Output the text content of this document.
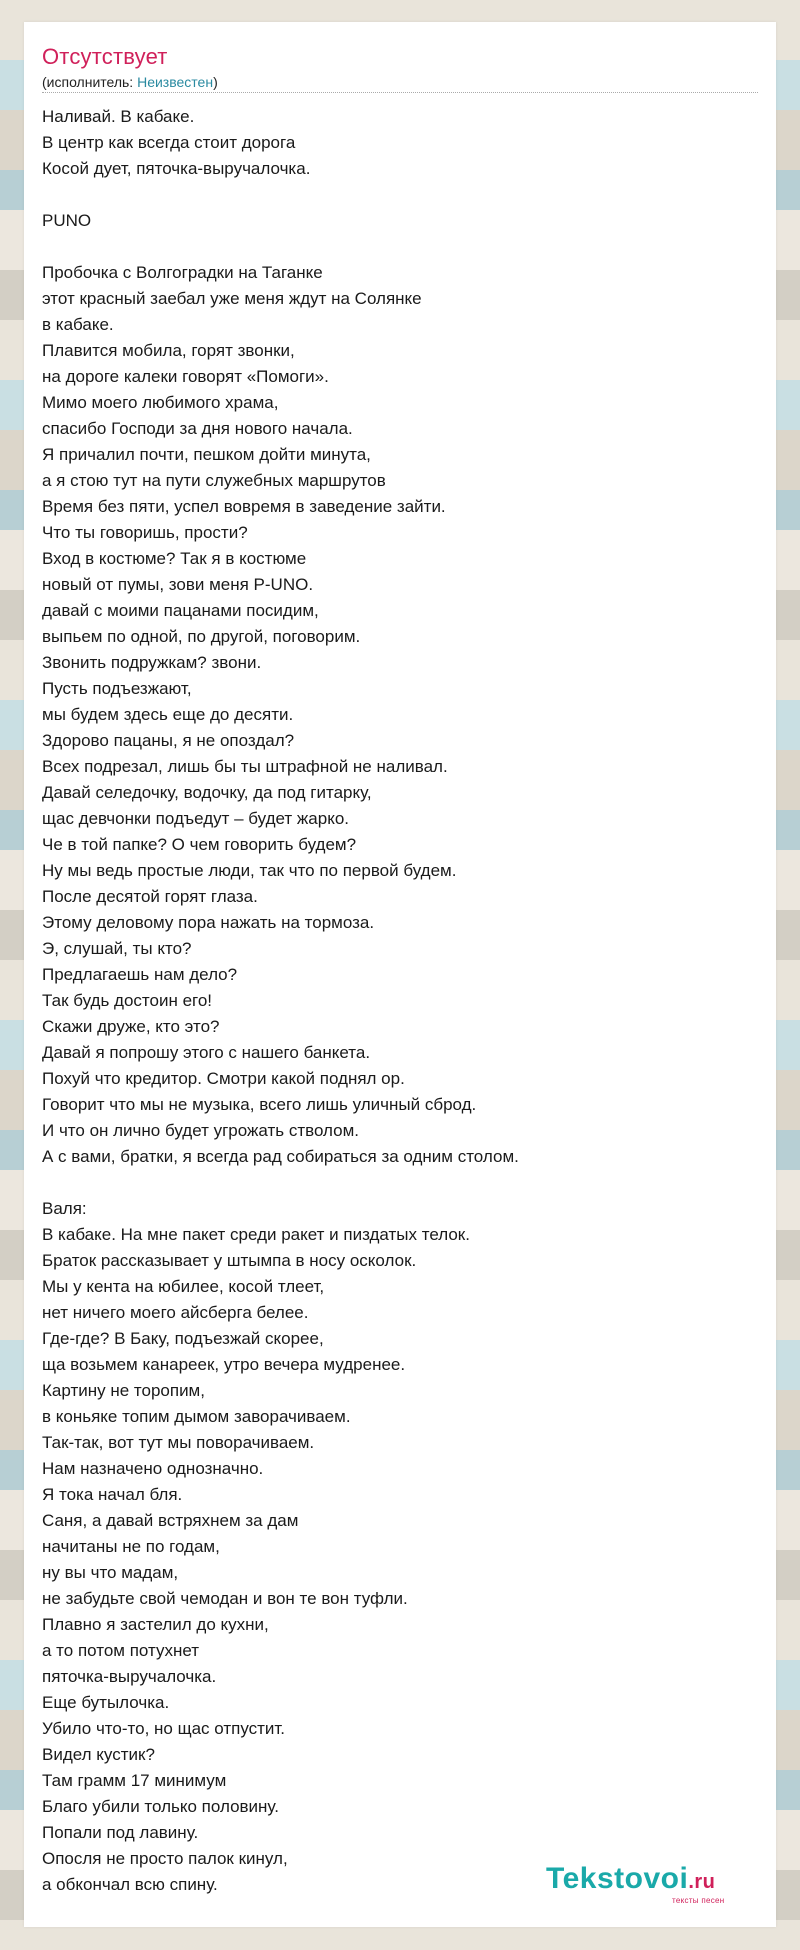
Отсутствует
(исполнитель: Неизвестен)
Наливай. В кабаке.
В центр как всегда стоит дорога
Косой дует, пяточка-выручалочка.
PUNO
Пробочка с Волгоградки на Таганке
этот красный заебал уже меня ждут на Солянке
в кабаке.
Плавится мобила, горят звонки,
на дороге калеки говорят «Помоги».
Мимо моего любимого храма,
спасибо Господи за дня нового начала.
Я причалил почти, пешком дойти минута,
а я стою тут на пути служебных маршрутов
Время без пяти, успел вовремя в заведение зайти.
Что ты говоришь, прости?
Вход в костюме? Так я в костюме
новый от пумы, зови меня P-UNO.
давай с моими пацанами посидим,
выпьем по одной, по другой, поговорим.
Звонить подружкам? звони.
Пусть подъезжают,
мы будем здесь еще до десяти.
Здорово пацаны, я не опоздал?
Всех подрезал, лишь бы ты штрафной не наливал.
Давай селедочку, водочку, да под гитарку,
щас девчонки подъедут – будет жарко.
Че в той папке? О чем говорить будем?
Ну мы ведь простые люди, так что по первой будем.
После десятой горят глаза.
Этому деловому пора нажать на тормоза.
Э, слушай, ты кто?
Предлагаешь нам дело?
Так будь достоин его!
Скажи друже, кто это?
Давай я попрошу этого с нашего банкета.
Похуй что кредитор. Смотри какой поднял ор.
Говорит что мы не музыка, всего лишь уличный сброд.
И что он лично будет угрожать стволом.
А с вами, братки, я всегда рад собираться за одним столом.
Валя:
В кабаке. На мне пакет среди ракет и пиздатых телок.
Браток рассказывает у штымпа в носу осколок.
Мы у кента на юбилее, косой тлеет,
нет ничего моего айсберга белее.
Где-где? В Баку, подъезжай скорее,
ща возьмем канареек, утро вечера мудренее.
Картину не торопим,
в коньяке топим дымом заворачиваем.
Так-так, вот тут мы поворачиваем.
Нам назначено однозначно.
Я тока начал бля.
Саня, а давай встряхнем за дам
начитаны не по годам,
ну вы что мадам,
не забудьте свой чемодан и вон те вон туфли.
Плавно я застелил до кухни,
а то потом потухнет
пяточка-выручалочка.
Еще бутылочка.
Убило что-то, но щас отпустит.
Видел кустик?
Там грамм 17 минимум
Благо убили только половину.
Попали под лавину.
Опосля не просто палок кинул,
а обкончал всю спину.	Tekstovoi.ru
тексты песен
